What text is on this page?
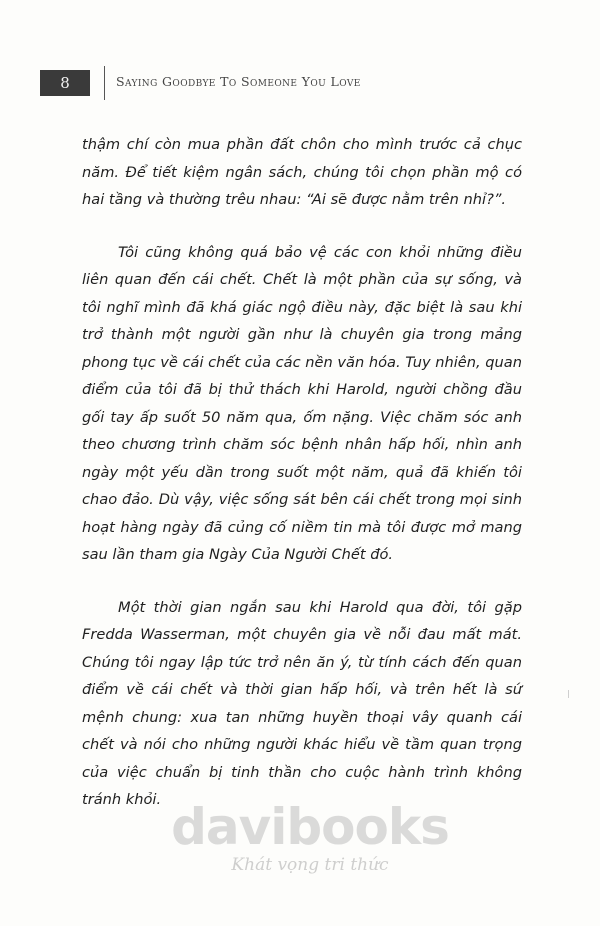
8	Saying Goodbye To Someone You Love

thậm chí còn mua phần đất chôn cho mình trước cả chục năm. Để tiết kiệm ngân sách, chúng tôi chọn phần mộ có hai tầng và thường trêu nhau: “Ai sẽ được nằm trên nhỉ?”.

Tôi cũng không quá bảo vệ các con khỏi những điều liên quan đến cái chết. Chết là một phần của sự sống, và tôi nghĩ mình đã khá giác ngộ điều này, đặc biệt là sau khi trở thành một người gần như là chuyên gia trong mảng phong tục về cái chết của các nền văn hóa. Tuy nhiên, quan điểm của tôi đã bị thử thách khi Harold, người chồng đầu gối tay ấp suốt 50 năm qua, ốm nặng. Việc chăm sóc anh theo chương trình chăm sóc bệnh nhân hấp hối, nhìn anh ngày một yếu dần trong suốt một năm, quả đã khiến tôi chao đảo. Dù vậy, việc sống sát bên cái chết trong mọi sinh hoạt hàng ngày đã củng cố niềm tin mà tôi được mở mang sau lần tham gia Ngày Của Người Chết đó.

Một thời gian ngắn sau khi Harold qua đời, tôi gặp Fredda Wasserman, một chuyên gia về nỗi đau mất mát. Chúng tôi ngay lập tức trở nên ăn ý, từ tính cách đến quan điểm về cái chết và thời gian hấp hối, và trên hết là sứ mệnh chung: xua tan những huyền thoại vây quanh cái chết và nói cho những người khác hiểu về tầm quan trọng của việc chuẩn bị tinh thần cho cuộc hành trình không tránh khỏi. davibooks
Khát vọng tri thức
